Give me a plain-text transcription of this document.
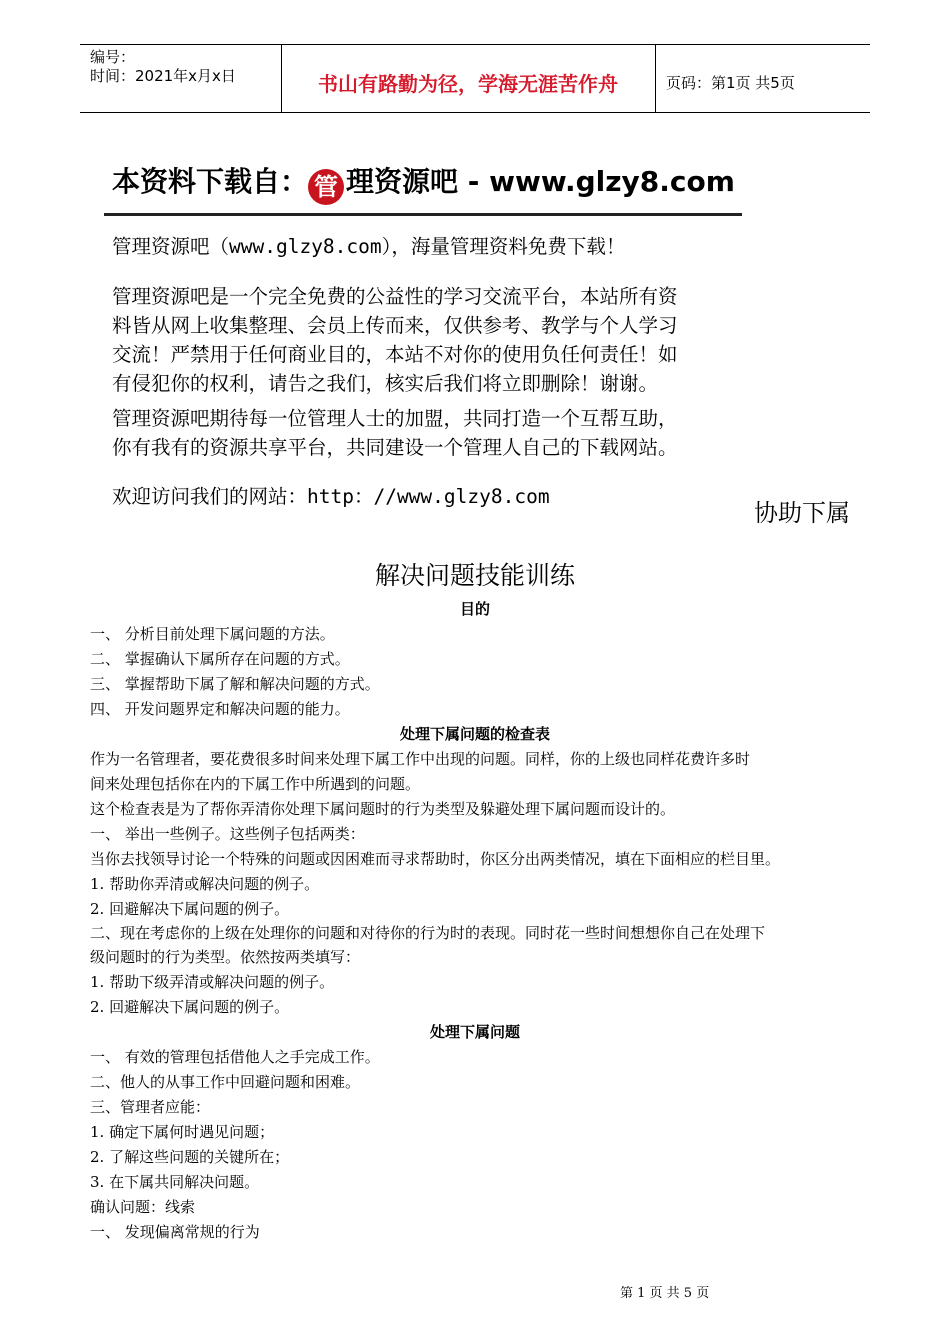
编号：
时间：2021年x月x日	书山有路勤为径，学海无涯苦作舟	页码：第1页 共5页
本资料下载自： 管 理资源吧 - www.glzy8.com
管理资源吧（www.glzy8.com），海量管理资料免费下载！
管理资源吧是一个完全免费的公益性的学习交流平台，本站所有资
料皆从网上收集整理、会员上传而来，仅供参考、教学与个人学习
交流！严禁用于任何商业目的，本站不对你的使用负任何责任！如
有侵犯你的权利，请告之我们，核实后我们将立即删除！谢谢。
管理资源吧期待每一位管理人士的加盟，共同打造一个互帮互助，
你有我有的资源共享平台，共同建设一个管理人自己的下载网站。
欢迎访问我们的网站：http：//www.glzy8.com
协助下属
解决问题技能训练
目的
一、 分析目前处理下属问题的方法。
二、 掌握确认下属所存在问题的方式。
三、 掌握帮助下属了解和解决问题的方式。
四、 开发问题界定和解决问题的能力。
处理下属问题的检查表
作为一名管理者，要花费很多时间来处理下属工作中出现的问题。同样，你的上级也同样花费许多时
间来处理包括你在内的下属工作中所遇到的问题。
这个检查表是为了帮你弄清你处理下属问题时的行为类型及躲避处理下属问题而设计的。
一、 举出一些例子。这些例子包括两类：
当你去找领导讨论一个特殊的问题或因困难而寻求帮助时，你区分出两类情况，填在下面相应的栏目里。
1. 帮助你弄清或解决问题的例子。
2. 回避解决下属问题的例子。
二、现在考虑你的上级在处理你的问题和对待你的行为时的表现。同时花一些时间想想你自己在处理下
级问题时的行为类型。依然按两类填写：
1. 帮助下级弄清或解决问题的例子。
2. 回避解决下属问题的例子。
处理下属问题
一、 有效的管理包括借他人之手完成工作。
二、他人的从事工作中回避问题和困难。
三、管理者应能：
1. 确定下属何时遇见问题；
2. 了解这些问题的关键所在；
3. 在下属共同解决问题。
确认问题：线索
一、 发现偏离常规的行为
第 1 页 共 5 页
